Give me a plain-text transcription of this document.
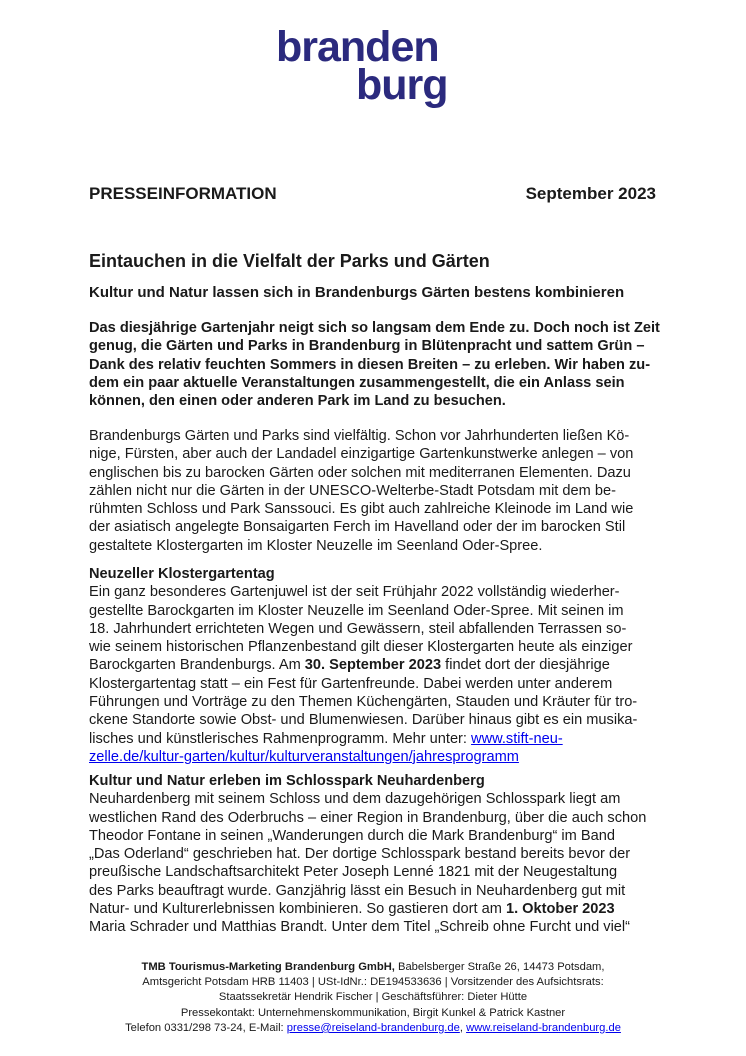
branden
burg
PRESSEINFORMATION	September 2023
Eintauchen in die Vielfalt der Parks und Gärten
Kultur und Natur lassen sich in Brandenburgs Gärten bestens kombinieren
Das diesjährige Gartenjahr neigt sich so langsam dem Ende zu. Doch noch ist Zeit
genug, die Gärten und Parks in Brandenburg in Blütenpracht und sattem Grün –
Dank des relativ feuchten Sommers in diesen Breiten – zu erleben. Wir haben zu-
dem ein paar aktuelle Veranstaltungen zusammengestellt, die ein Anlass sein
können, den einen oder anderen Park im Land zu besuchen.
Brandenburgs Gärten und Parks sind vielfältig. Schon vor Jahrhunderten ließen Kö-
nige, Fürsten, aber auch der Landadel einzigartige Gartenkunstwerke anlegen – von
englischen bis zu barocken Gärten oder solchen mit mediterranen Elementen. Dazu
zählen nicht nur die Gärten in der UNESCO-Welterbe-Stadt Potsdam mit dem be-
rühmten Schloss und Park Sanssouci. Es gibt auch zahlreiche Kleinode im Land wie
der asiatisch angelegte Bonsaigarten Ferch im Havelland oder der im barocken Stil
gestaltete Klostergarten im Kloster Neuzelle im Seenland Oder-Spree.
Neuzeller Klostergartentag
Ein ganz besonderes Gartenjuwel ist der seit Frühjahr 2022 vollständig wiederher-
gestellte Barockgarten im Kloster Neuzelle im Seenland Oder-Spree. Mit seinen im
18. Jahrhundert errichteten Wegen und Gewässern, steil abfallenden Terrassen so-
wie seinem historischen Pflanzenbestand gilt dieser Klostergarten heute als einziger
Barockgarten Brandenburgs. Am 30. September 2023 findet dort der diesjährige
Klostergartentag statt – ein Fest für Gartenfreunde. Dabei werden unter anderem
Führungen und Vorträge zu den Themen Küchengärten, Stauden und Kräuter für tro-
ckene Standorte sowie Obst- und Blumenwiesen. Darüber hinaus gibt es ein musika-
lisches und künstlerisches Rahmenprogramm. Mehr unter: www.stift-neu-
zelle.de/kultur-garten/kultur/kulturveranstaltungen/jahresprogramm
Kultur und Natur erleben im Schlosspark Neuhardenberg
Neuhardenberg mit seinem Schloss und dem dazugehörigen Schlosspark liegt am
westlichen Rand des Oderbruchs – einer Region in Brandenburg, über die auch schon
Theodor Fontane in seinen „Wanderungen durch die Mark Brandenburg“ im Band
„Das Oderland“ geschrieben hat. Der dortige Schlosspark bestand bereits bevor der
preußische Landschaftsarchitekt Peter Joseph Lenné 1821 mit der Neugestaltung
des Parks beauftragt wurde. Ganzjährig lässt ein Besuch in Neuhardenberg gut mit
Natur- und Kulturerlebnissen kombinieren. So gastieren dort am 1. Oktober 2023
Maria Schrader und Matthias Brandt. Unter dem Titel „Schreib ohne Furcht und viel“
TMB Tourismus-Marketing Brandenburg GmbH, Babelsberger Straße 26, 14473 Potsdam,
Amtsgericht Potsdam HRB 11403 | USt-IdNr.: DE194533636 | Vorsitzender des Aufsichtsrats:
Staatssekretär Hendrik Fischer | Geschäftsführer: Dieter Hütte
Pressekontakt: Unternehmenskommunikation, Birgit Kunkel & Patrick Kastner
Telefon 0331/298 73-24, E-Mail: presse@reiseland-brandenburg.de, www.reiseland-brandenburg.de
